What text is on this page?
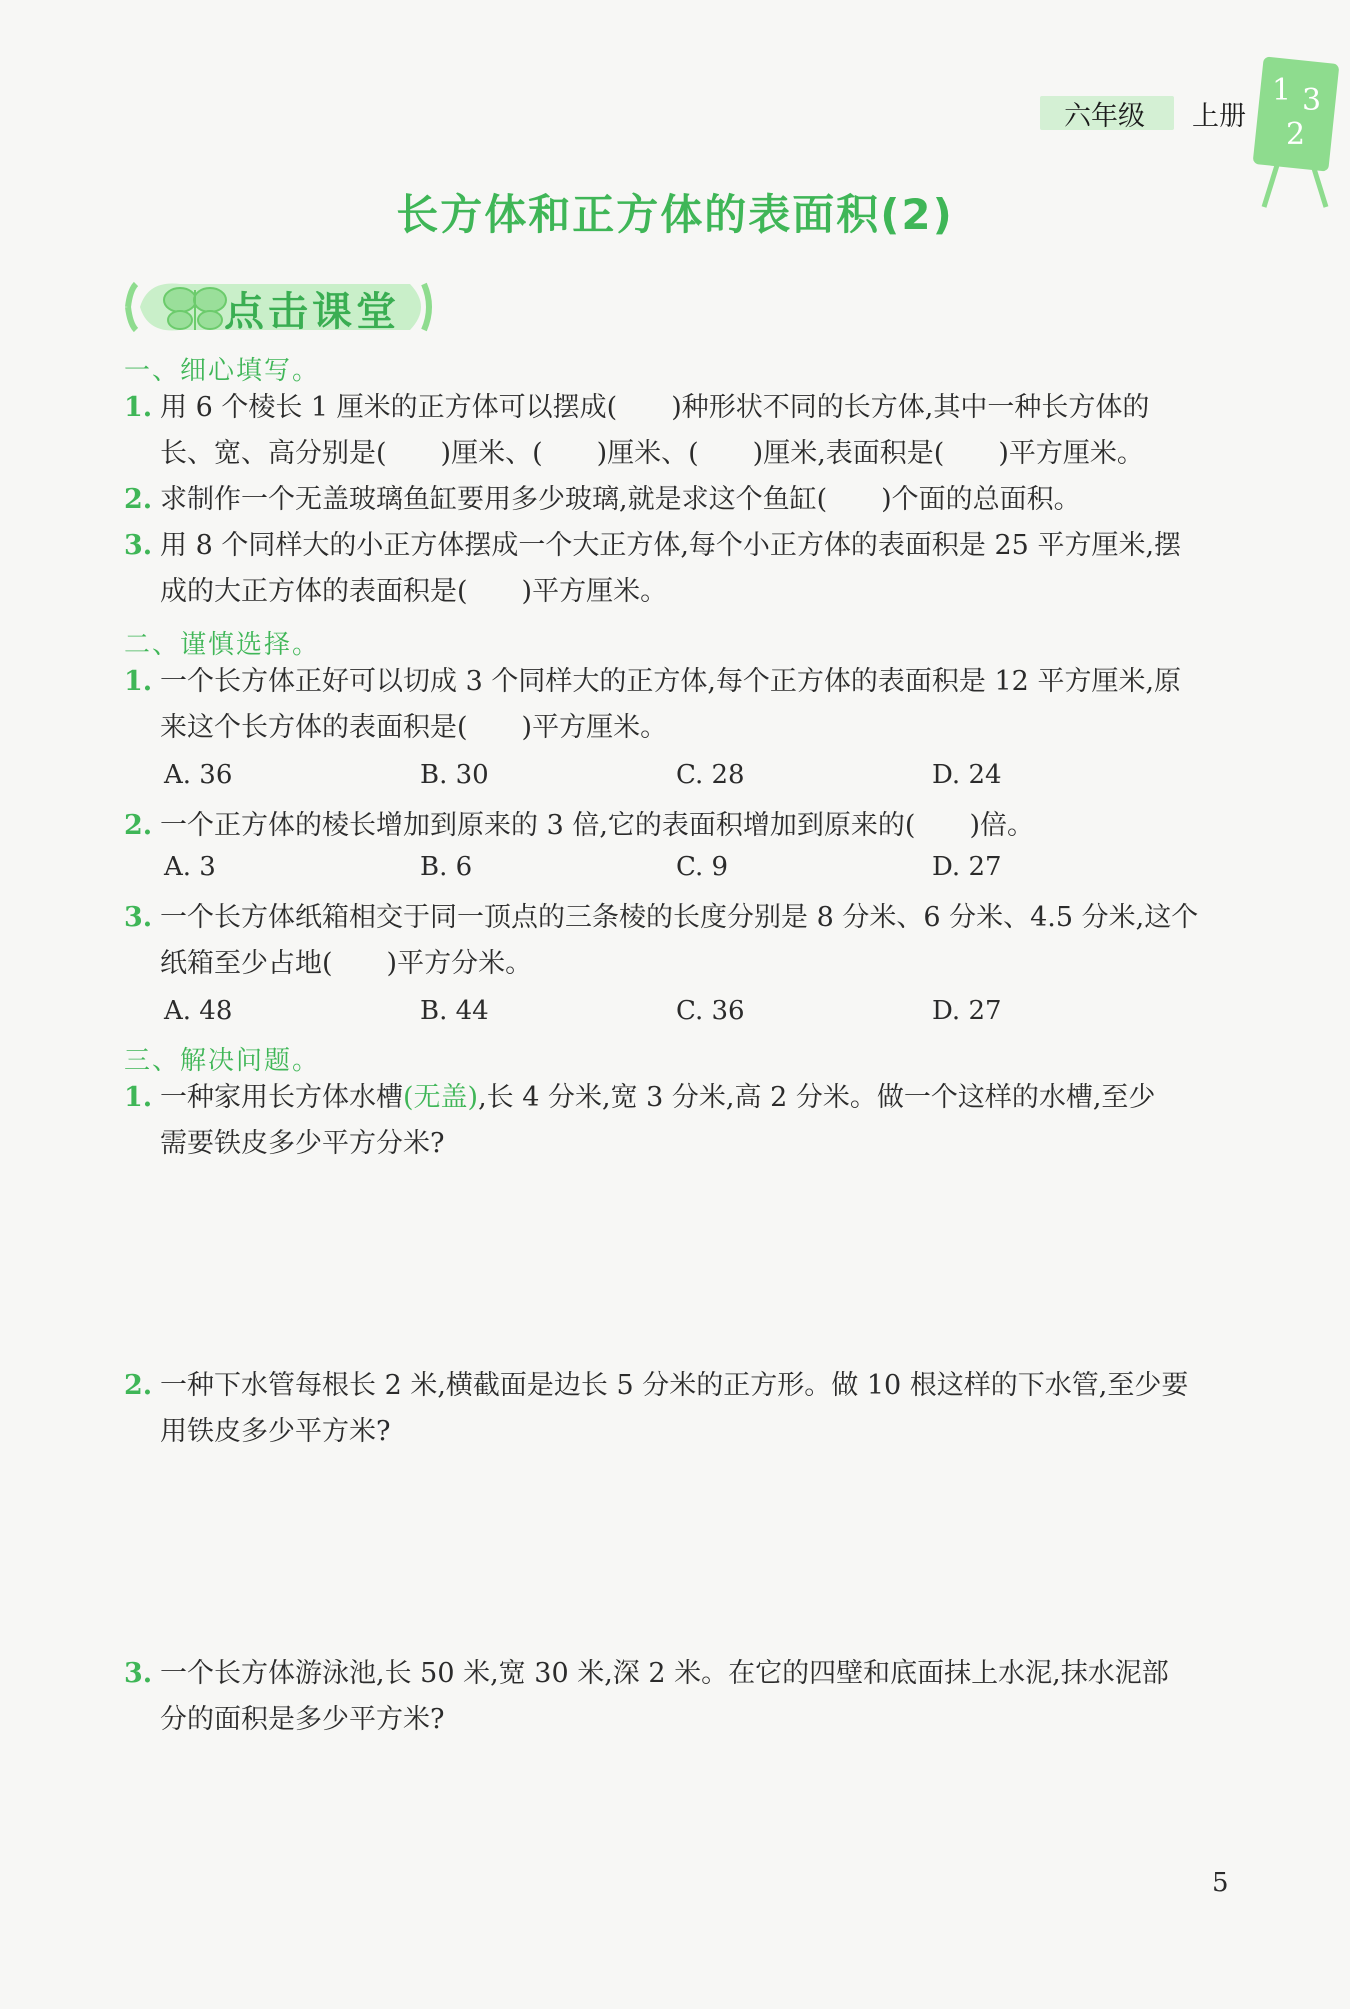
六年级 上册
1 3
2
长方体和正方体的表面积(2)
点击课堂
一、细心填写。
1. 用 6 个棱长 1 厘米的正方体可以摆成(　　)种形状不同的长方体,其中一种长方体的
长、宽、高分别是(　　)厘米、(　　)厘米、(　　)厘米,表面积是(　　)平方厘米。
2. 求制作一个无盖玻璃鱼缸要用多少玻璃,就是求这个鱼缸(　　)个面的总面积。
3. 用 8 个同样大的小正方体摆成一个大正方体,每个小正方体的表面积是 25 平方厘米,摆
成的大正方体的表面积是(　　)平方厘米。
二、谨慎选择。
1. 一个长方体正好可以切成 3 个同样大的正方体,每个正方体的表面积是 12 平方厘米,原
来这个长方体的表面积是(　　)平方厘米。
A. 36	B. 30	C. 28	D. 24
2. 一个正方体的棱长增加到原来的 3 倍,它的表面积增加到原来的(　　)倍。
A. 3	B. 6	C. 9	D. 27
3. 一个长方体纸箱相交于同一顶点的三条棱的长度分别是 8 分米、6 分米、4.5 分米,这个
纸箱至少占地(　　)平方分米。
A. 48	B. 44	C. 36	D. 27
三、解决问题。
1. 一种家用长方体水槽(无盖),长 4 分米,宽 3 分米,高 2 分米。做一个这样的水槽,至少
需要铁皮多少平方分米?
2. 一种下水管每根长 2 米,横截面是边长 5 分米的正方形。做 10 根这样的下水管,至少要
用铁皮多少平方米?
3. 一个长方体游泳池,长 50 米,宽 30 米,深 2 米。在它的四壁和底面抹上水泥,抹水泥部
分的面积是多少平方米?
5
